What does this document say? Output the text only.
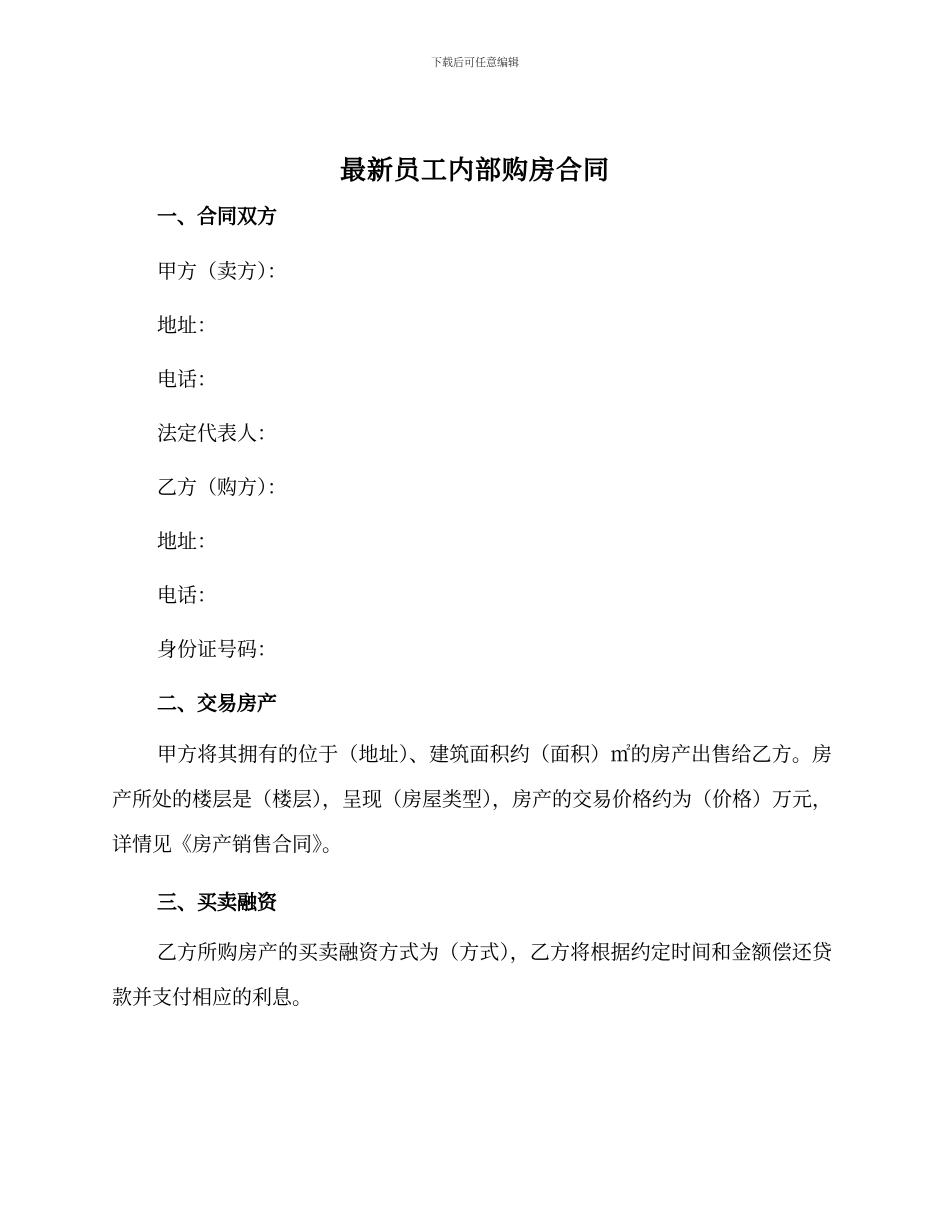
下载后可任意编辑
最新员工内部购房合同
一、合同双方
甲方（卖方）：
地址：
电话：
法定代表人：
乙方（购方）：
地址：
电话：
身份证号码：
二、交易房产
甲方将其拥有的位于（地址）、建筑面积约（面积）㎡的房产出售给乙方。房产所处的楼层是（楼层），呈现（房屋类型），房产的交易价格约为（价格）万元，详情见《房产销售合同》。
三、买卖融资
乙方所购房产的买卖融资方式为（方式），乙方将根据约定时间和金额偿还贷款并支付相应的利息。
